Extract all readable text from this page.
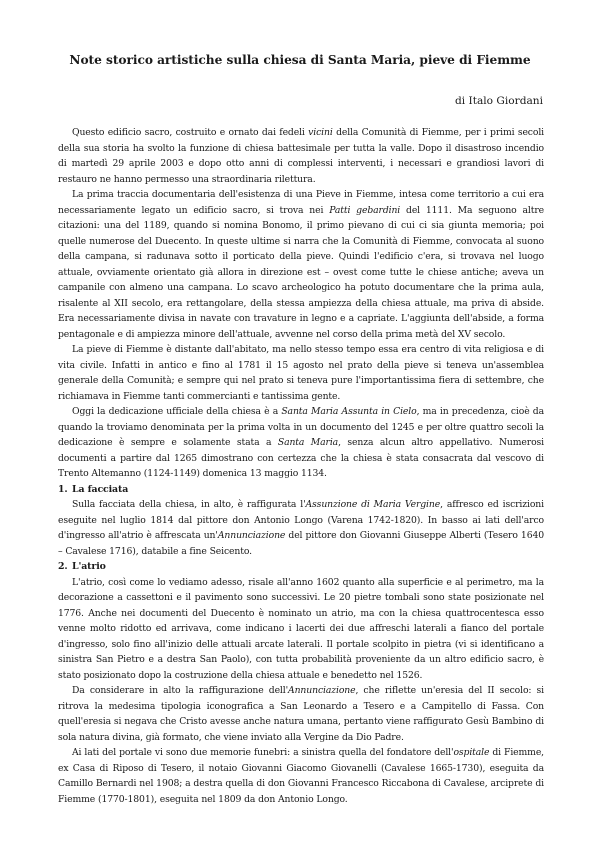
Note storico artistiche sulla chiesa di Santa Maria, pieve di Fiemme
di Italo Giordani

Questo edificio sacro, costruito e ornato dai fedeli vicini della Comunità di Fiemme, per i primi secoli della sua storia ha svolto la funzione di chiesa battesimale per tutta la valle. Dopo il disastroso incendio di martedì 29 aprile 2003 e dopo otto anni di complessi interventi, i necessari e grandiosi lavori di restauro ne hanno permesso una straordinaria rilettura.

La prima traccia documentaria dell'esistenza di una Pieve in Fiemme, intesa come territorio a cui era necessariamente legato un edificio sacro, si trova nei Patti gebardini del 1111. Ma seguono altre citazioni: una del 1189, quando si nomina Bonomo, il primo pievano di cui ci sia giunta memoria; poi quelle numerose del Duecento. In queste ultime si narra che la Comunità di Fiemme, convocata al suono della campana, si radunava sotto il porticato della pieve. Quindi l'edificio c'era, si trovava nel luogo attuale, ovviamente orientato già allora in direzione est – ovest come tutte le chiese antiche; aveva un campanile con almeno una campana. Lo scavo archeologico ha potuto documentare che la prima aula, risalente al XII secolo, era rettangolare, della stessa ampiezza della chiesa attuale, ma priva di abside. Era necessariamente divisa in navate con travature in legno e a capriate. L'aggiunta dell'abside, a forma pentagonale e di ampiezza minore dell'attuale, avvenne nel corso della prima metà del XV secolo.

La pieve di Fiemme è distante dall'abitato, ma nello stesso tempo essa era centro di vita religiosa e di vita civile. Infatti in antico e fino al 1781 il 15 agosto nel prato della pieve si teneva un'assemblea generale della Comunità; e sempre qui nel prato si teneva pure l'importantissima fiera di settembre, che richiamava in Fiemme tanti commercianti e tantissima gente.

Oggi la dedicazione ufficiale della chiesa è a Santa Maria Assunta in Cielo, ma in precedenza, cioè da quando la troviamo denominata per la prima volta in un documento del 1245 e per oltre quattro secoli la dedicazione è sempre e solamente stata a Santa Maria, senza alcun altro appellativo. Numerosi documenti a partire dal 1265 dimostrano con certezza che la chiesa è stata consacrata dal vescovo di Trento Altemanno (1124-1149) domenica 13 maggio 1134.

1. La facciata

Sulla facciata della chiesa, in alto, è raffigurata l'Assunzione di Maria Vergine, affresco ed iscrizioni eseguite nel luglio 1814 dal pittore don Antonio Longo (Varena 1742-1820). In basso ai lati dell'arco d'ingresso all'atrio è affrescata un'Annunciazione del pittore don Giovanni Giuseppe Alberti (Tesero 1640 – Cavalese 1716), databile a fine Seicento.

2. L'atrio

L'atrio, così come lo vediamo adesso, risale all'anno 1602 quanto alla superficie e al perimetro, ma la decorazione a cassettoni e il pavimento sono successivi. Le 20 pietre tombali sono state posizionate nel 1776. Anche nei documenti del Duecento è nominato un atrio, ma con la chiesa quattrocentesca esso venne molto ridotto ed arrivava, come indicano i lacerti dei due affreschi laterali a fianco del portale d'ingresso, solo fino all'inizio delle attuali arcate laterali. Il portale scolpito in pietra (vi si identificano a sinistra San Pietro e a destra San Paolo), con tutta probabilità proveniente da un altro edificio sacro, è stato posizionato dopo la costruzione della chiesa attuale e benedetto nel 1526.

Da considerare in alto la raffigurazione dell'Annunciazione, che riflette un'eresia del II secolo: si ritrova la medesima tipologia iconografica a San Leonardo a Tesero e a Campitello di Fassa. Con quell'eresia si negava che Cristo avesse anche natura umana, pertanto viene raffigurato Gesù Bambino di sola natura divina, già formato, che viene inviato alla Vergine da Dio Padre.

Ai lati del portale vi sono due memorie funebri: a sinistra quella del fondatore dell'ospitale di Fiemme, ex Casa di Riposo di Tesero, il notaio Giovanni Giacomo Giovanelli (Cavalese 1665-1730), eseguita da Camillo Bernardi nel 1908; a destra quella di don Giovanni Francesco Riccabona di Cavalese, arciprete di Fiemme (1770-1801), eseguita nel 1809 da don Antonio Longo.
